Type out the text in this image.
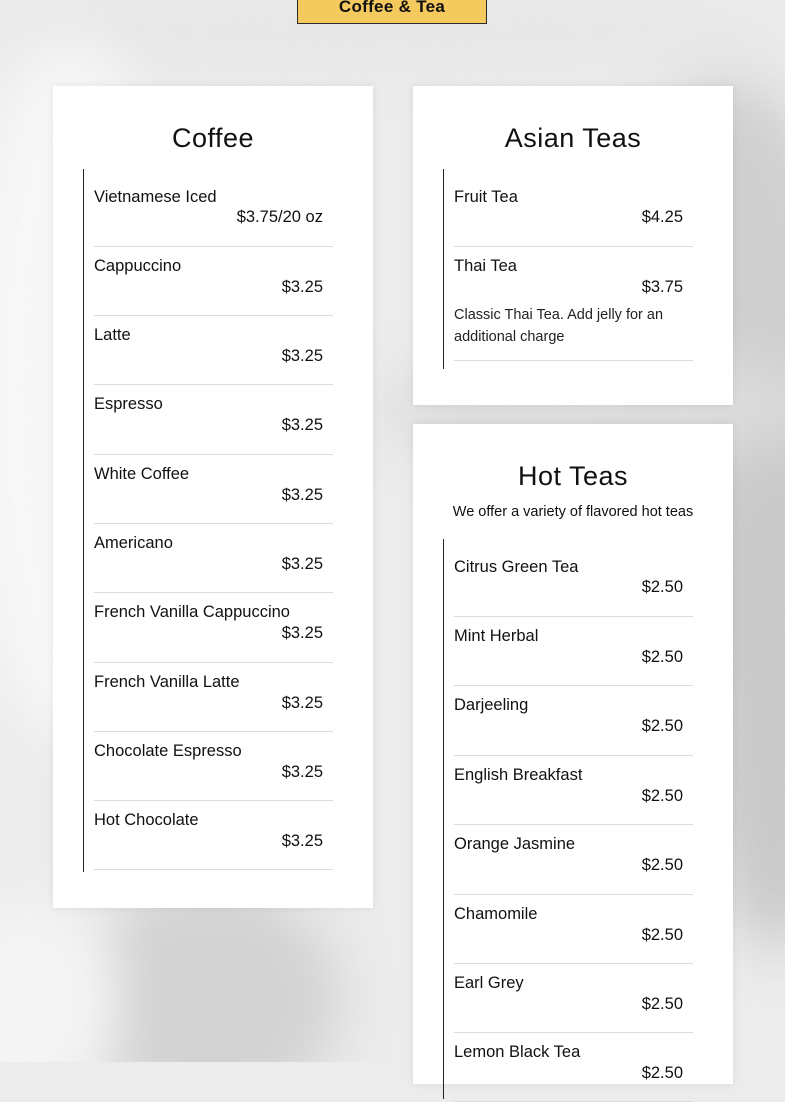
Coffee & Tea
Coffee
Vietnamese Iced
$3.75/20 oz
Cappuccino
$3.25
Latte
$3.25
Espresso
$3.25
White Coffee
$3.25
Americano
$3.25
French Vanilla Cappuccino
$3.25
French Vanilla Latte
$3.25
Chocolate Espresso
$3.25
Hot Chocolate
$3.25
Asian Teas
Fruit Tea
$4.25
Thai Tea
$3.75
Classic Thai Tea. Add jelly for an additional charge
Hot Teas
We offer a variety of flavored hot teas
Citrus Green Tea
$2.50
Mint Herbal
$2.50
Darjeeling
$2.50
English Breakfast
$2.50
Orange Jasmine
$2.50
Chamomile
$2.50
Earl Grey
$2.50
Lemon Black Tea
$2.50
